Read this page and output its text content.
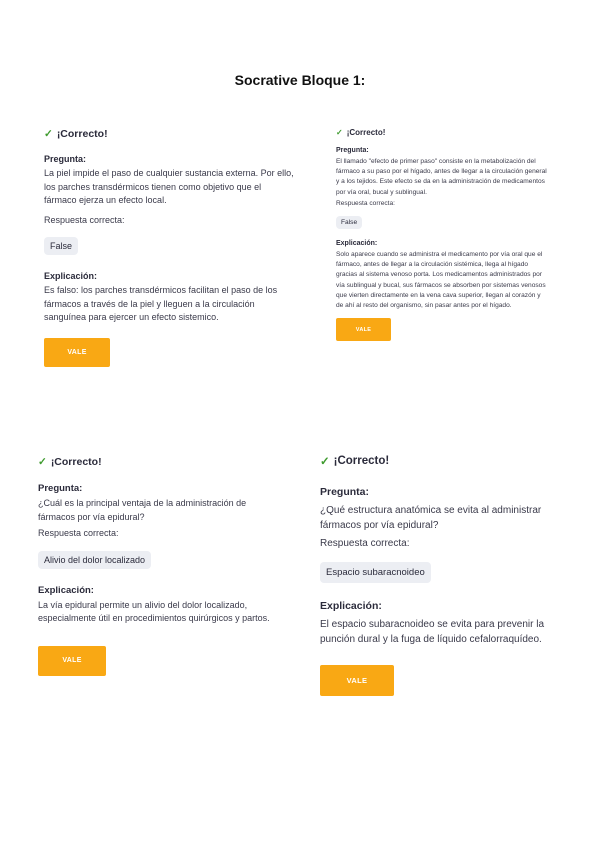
Socrative Bloque 1:
✓ ¡Correcto!
Pregunta:
La piel impide el paso de cualquier sustancia externa. Por ello, los parches transdérmicos tienen como objetivo que el fármaco ejerza un efecto local.
Respuesta correcta:
False
Explicación:
Es falso: los parches transdérmicos facilitan el paso de los fármacos a través de la piel y lleguen a la circulación sanguínea para ejercer un efecto sistemico.
VALE
✓ ¡Correcto!
Pregunta:
El llamado "efecto de primer paso" consiste en la metabolización del fármaco a su paso por el hígado, antes de llegar a la circulación general y a los tejidos. Este efecto se da en la administración de medicamentos por vía oral, bucal y sublingual.
Respuesta correcta:
False
Explicación:
Solo aparece cuando se administra el medicamento por vía oral que el fármaco, antes de llegar a la circulación sistémica, llega al hígado gracias al sistema venoso porta. Los medicamentos administrados por vía sublingual y bucal, sus fármacos se absorben por sistemas venosos que vierten directamente en la vena cava superior, llegan al corazón y de ahí al resto del organismo, sin pasar antes por el hígado.
VALE
✓ ¡Correcto!
Pregunta:
¿Cuál es la principal ventaja de la administración de fármacos por vía epidural?
Respuesta correcta:
Alivio del dolor localizado
Explicación:
La vía epidural permite un alivio del dolor localizado, especialmente útil en procedimientos quirúrgicos y partos.
VALE
✓ ¡Correcto!
Pregunta:
¿Qué estructura anatómica se evita al administrar fármacos por vía epidural?
Respuesta correcta:
Espacio subaracnoideo
Explicación:
El espacio subaracnoideo se evita para prevenir la punción dural y la fuga de líquido cefalorraquídeo.
VALE
